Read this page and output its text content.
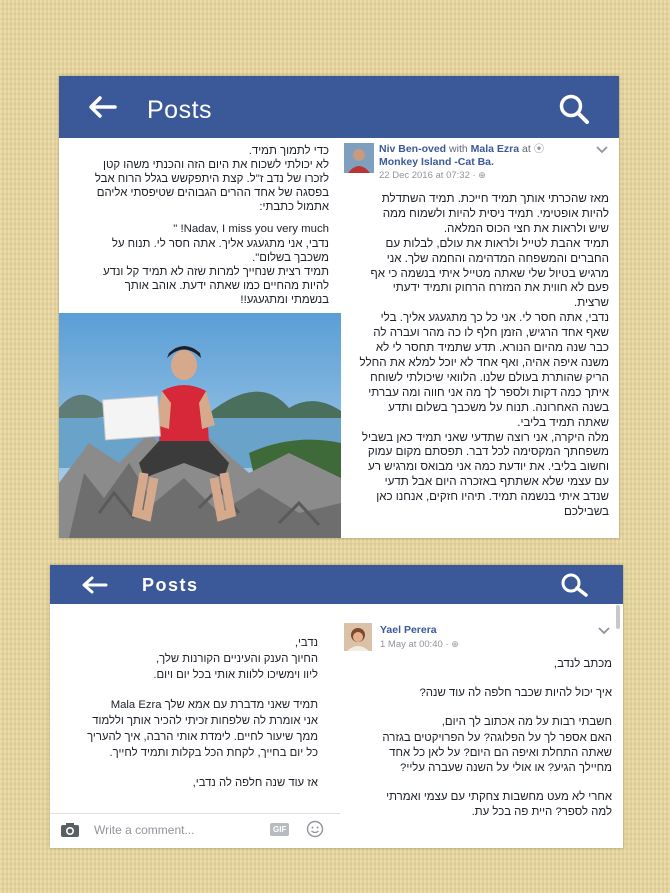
Posts

כדי לתמוך תמיד.

לא יכולתי לשכוח את היום הזה והכנתי משהו קטן

לזכרו של נדב ז"ל. קצת היתפקשש בגלל הרוח אבל

בפסגה של אחד ההרים הגבוהים שטיפסתי אליהם

אתמול כתבתי:

Nadav, I miss you very much! "

נדבי, אני מתגעגע אליך. אתה חסר לי. תנוח על

משכבך בשלום".

תמיד רצית שנחייך למרות שזה לא תמיד קל ונדע

להיות מהחיים כמו שאתה ידעת. אוהב אותך

בנשמתי ומתגעגע!!

Niv Ben-oved with Mala Ezra at ⦿
Monkey Island -Cat Ba.
22 Dec 2016 at 07:32 · ⊕

מאז שהכרתי אותך תמיד חייכת. תמיד השתדלת

להיות אופטימי. תמיד ניסית להיות ולשמוח ממה

שיש ולראות את חצי הכוס המלאה.

תמיד אהבת לטייל ולראות את עולם, לבלות עם

החברים והמשפחה המדהימה והחמה שלך. אני

מרגיש בטיול שלי שאתה מטייל איתי בנשמה כי אף

פעם לא חווית את המזרח הרחוק ותמיד ידעתי

שרצית.

נדבי, אתה חסר לי. אני כל כך מתגעגע אליך. בלי

שאף אחד הרגיש, הזמן חלף לו כה מהר ועברה לה

כבר שנה מהיום הנורא. תדע שתמיד תחסר לי לא

משנה איפה אהיה, ואף אחד לא יוכל למלא את החלל

הריק שהותרת בעולם שלנו. הלוואי שיכולתי לשוחח

איתך כמה דקות ולספר לך מה אני חווה ומה עברתי

בשנה האחרונה. תנוח על משכבך בשלום ותדע

שאתה תמיד בליבי.

מלה היקרה, אני רוצה שתדעי שאני תמיד כאן בשביל

משפחתך המקסימה לכל דבר. תפסתם מקום עמוק

וחשוב בליבי. את יודעת כמה אני מבואס ומרגיש רע

עם עצמי שלא אשתתף באזכרה היום אבל תדעי

שנדב איתי בנשמה תמיד. תיהיו חזקים, אנחנו כאן

בשבילכם

Posts

נדבי,

החיוך הענק והעיניים הקורנות שלך,

ליוו וימשיכו ללוות אותי בכל יום ויום.

תמיד שאני מדברת עם אמא שלך Mala Ezra

אני אומרת לה שלפחות זכיתי להכיר אותך וללמוד

ממך שיעור לחיים. לימדת אותי הרבה, איך להעריך

כל יום בחייך, לקחת הכל בקלות ותמיד לחייך.

אז עוד שנה חלפה לה נדבי,

Yael Perera
1 May at 00:40 · ⊕

מכתב לנדב,

איך יכול להיות שכבר חלפה לה עוד שנה?

חשבתי רבות על מה אכתוב לך היום,

האם אספר לך על הפלוגה? על הפרויקטים בגזרה

שאתה התחלת ואיפה הם היום? על לאן כל אחד

מחיילך הגיע? או אולי על השנה שעברה עליי?

אחרי לא מעט מחשבות צחקתי עם עצמי ואמרתי

למה לספר? היית פה בכל עת.

Write a comment...	GIF
